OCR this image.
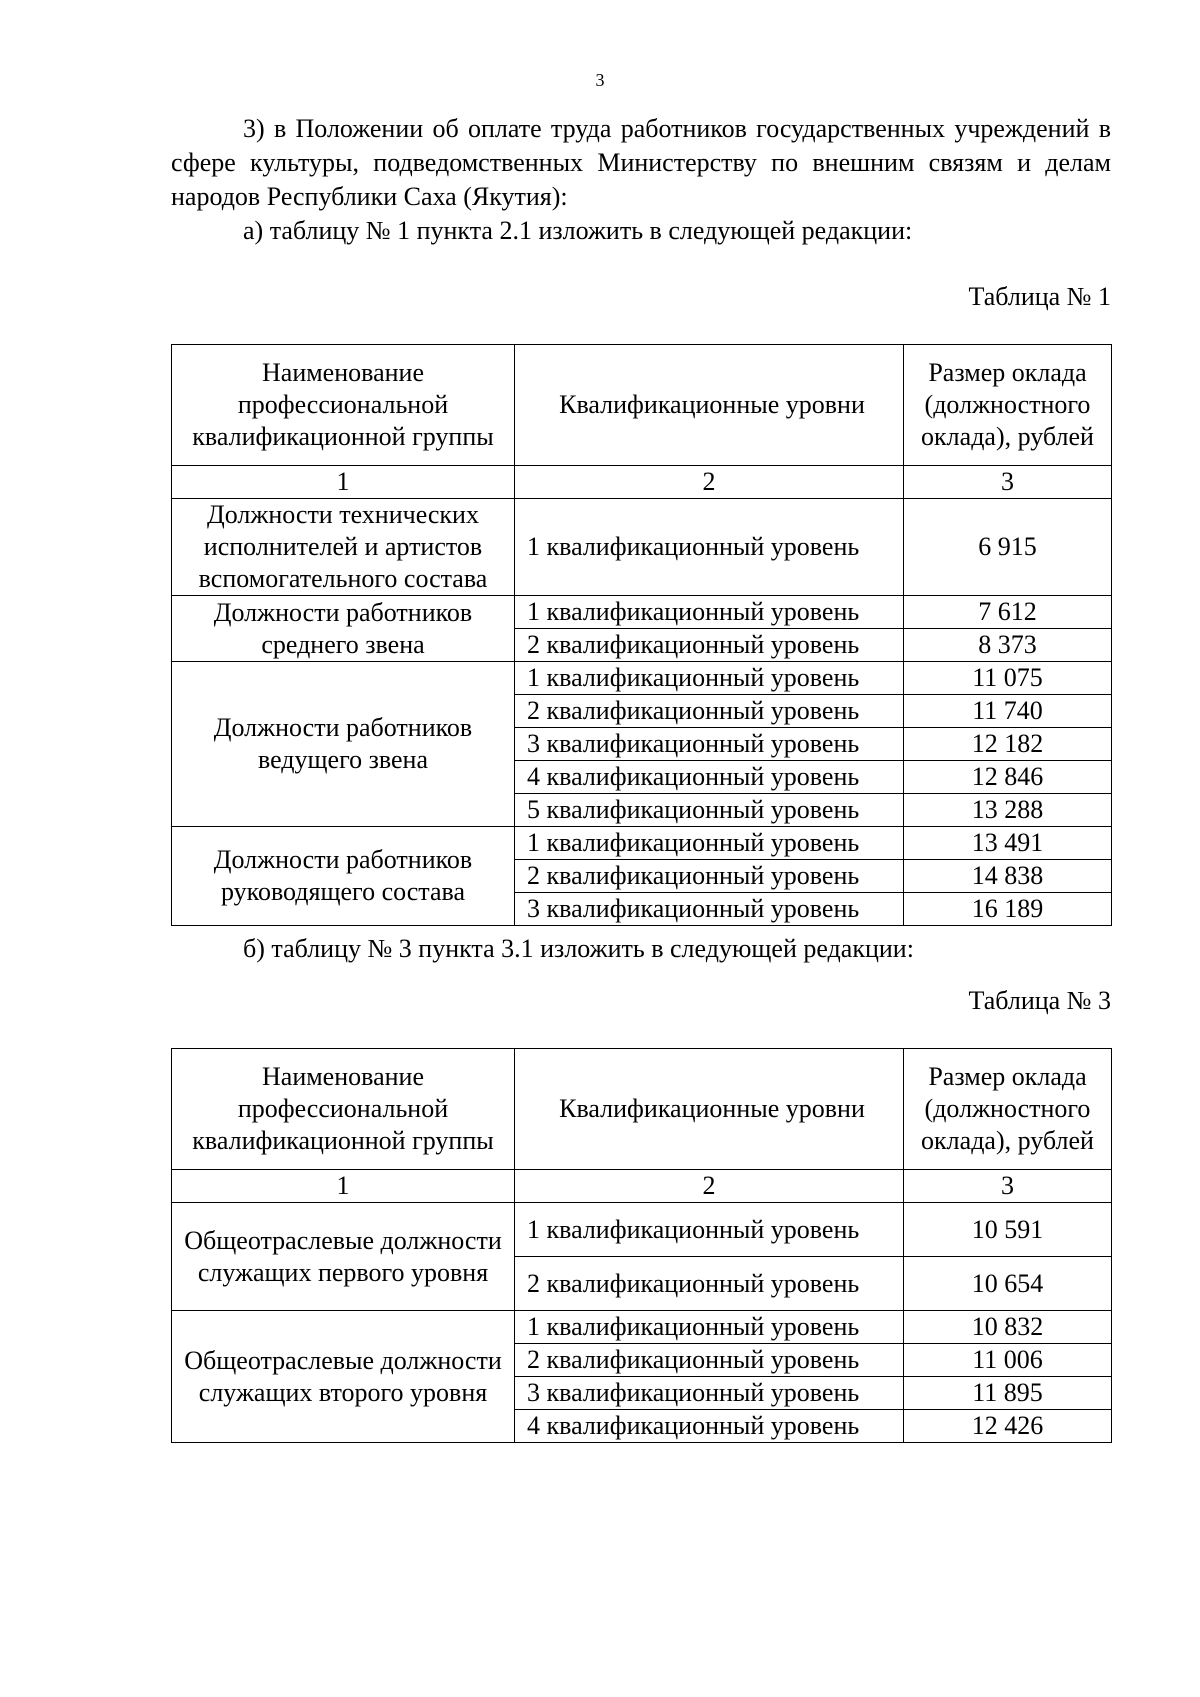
3

3) в Положении об оплате труда работников государственных учреждений в сфере культуры, подведомственных Министерству по внешним связям и делам народов Республики Саха (Якутия):

а) таблицу № 1 пункта 2.1 изложить в следующей редакции:

Таблица № 1
Наименование профессиональной квалификационной группы	Квалификационные уровни	Размер оклада (должностного оклада), рублей
1	2	3
Должности технических исполнителей и артистов вспомогательного состава	1 квалификационный уровень	6 915
Должности работников среднего звена	1 квалификационный уровень	7 612
	2 квалификационный уровень	8 373
Должности работников ведущего звена	1 квалификационный уровень	11 075
	2 квалификационный уровень	11 740
	3 квалификационный уровень	12 182
	4 квалификационный уровень	12 846
	5 квалификационный уровень	13 288
Должности работников руководящего состава	1 квалификационный уровень	13 491
	2 квалификационный уровень	14 838
	3 квалификационный уровень	16 189

б) таблицу № 3 пункта 3.1 изложить в следующей редакции:

Таблица № 3
Наименование профессиональной квалификационной группы	Квалификационные уровни	Размер оклада (должностного оклада), рублей
1	2	3
Общеотраслевые должности служащих первого уровня	1 квалификационный уровень	10 591
	2 квалификационный уровень	10 654
Общеотраслевые должности служащих второго уровня	1 квалификационный уровень	10 832
	2 квалификационный уровень	11 006
	3 квалификационный уровень	11 895
	4 квалификационный уровень	12 426
